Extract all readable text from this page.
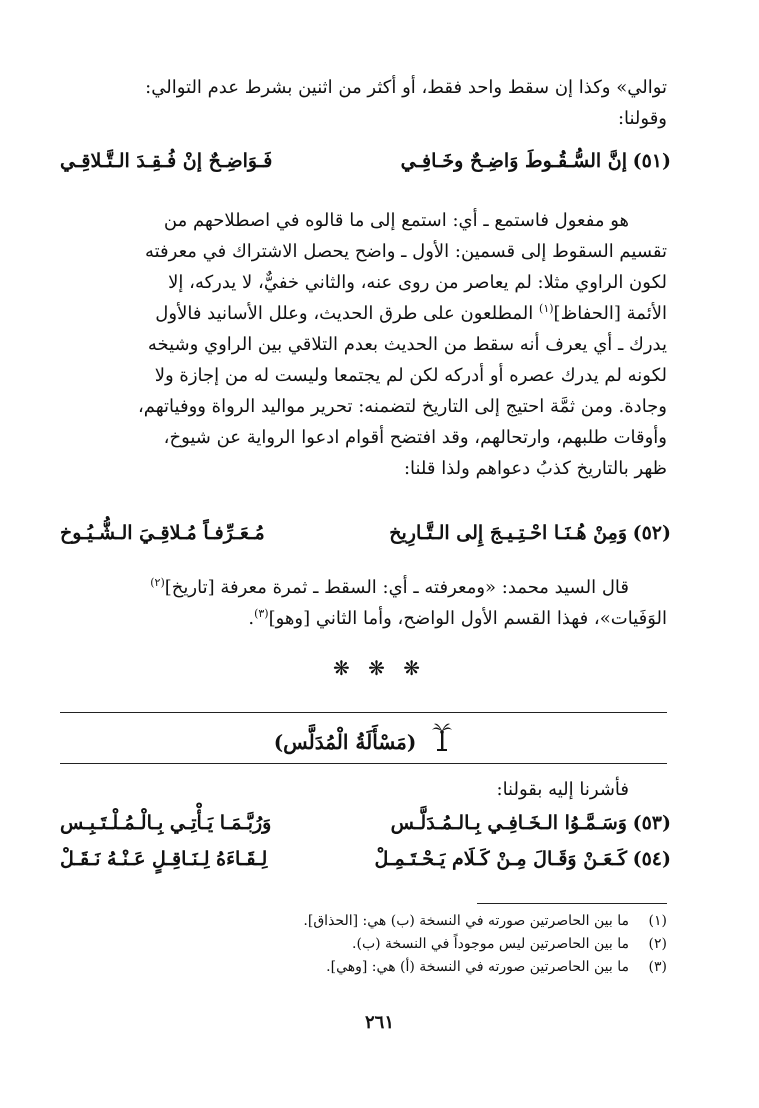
توالي» وكذا إن سقط واحد فقط، أو أكثر من اثنين بشرط عدم التوالي:

وقولنا:

(٥١)
إنَّ السُّـقُـوطَ وَاضِـحٌ وخَـافِـي
فَـوَاضِـحٌ إنْ فُـقِـدَ الـتَّـلاقِـي

هو مفعول فاستمع ـ أي: استمع إلى ما قالوه في اصطلاحهم من

تقسيم السقوط إلى قسمين: الأول ـ واضح يحصل الاشتراك في معرفته

لكون الراوي مثلا: لم يعاصر من روى عنه، والثاني خفيٌّ، لا يدركه، إلا

الأئمة [الحفاظ]$^{(١)}$ المطلعون على طرق الحديث، وعلل الأسانيد فالأول

يدرك ـ أي يعرف أنه سقط من الحديث بعدم التلاقي بين الراوي وشيخه

لكونه لم يدرك عصره أو أدركه لكن لم يجتمعا وليست له من إجازة ولا

وجادة. ومن ثمَّة احتيج إلى التاريخ لتضمنه: تحرير مواليد الرواة ووفياتهم،

وأوقات طلبهم، وارتحالهم، وقد افتضح أقوام ادعوا الرواية عن شيوخ،

ظهر بالتاريخ كذبُ دعواهم ولذا قلنا:

(٥٢)
وَمِنْ هُـنَـا احْـتِـيـجَ إِلى الـتَّـارِيخ
مُـعَـرِّفـاً مُـلاقِـيَ الـشُّـيُـوخ

قال السيد محمد: «ومعرفته ـ أي: السقط ـ ثمرة معرفة [تاريخ]$^{(٢)}$

الوَفَيات»، فهذا القسم الأول الواضح، وأما الثاني [وهو]$^{(٣)}$.

❋ ❋ ❋
(مَسْأَلَةُ الْمُدَلَّس)

فأشرنا إليه بقولنا:

(٥٣)
وَسَـمَّـوُا الـخَـافِـي بِـالـمُـدَلَّـس
وَرُبَّـمَـا يَـأْتِـي بِـالْـمُـلْـتَـبِـس
(٥٤)
كَـعَـنْ وَقَـالَ مِـنْ كَـلَام يَـحْـتَـمِـلْ
لِـقَـاءَهُ لِـنَـاقِـلٍ عَـنْـهُ نَـقَـلْ
(١)
ما بين الحاصرتين صورته في النسخة (ب) هي: [الحذاق].
(٢)
ما بين الحاصرتين ليس موجوداً في النسخة (ب).
(٣)
ما بين الحاصرتين صورته في النسخة (أ) هي: [وهي].
٢٦١
